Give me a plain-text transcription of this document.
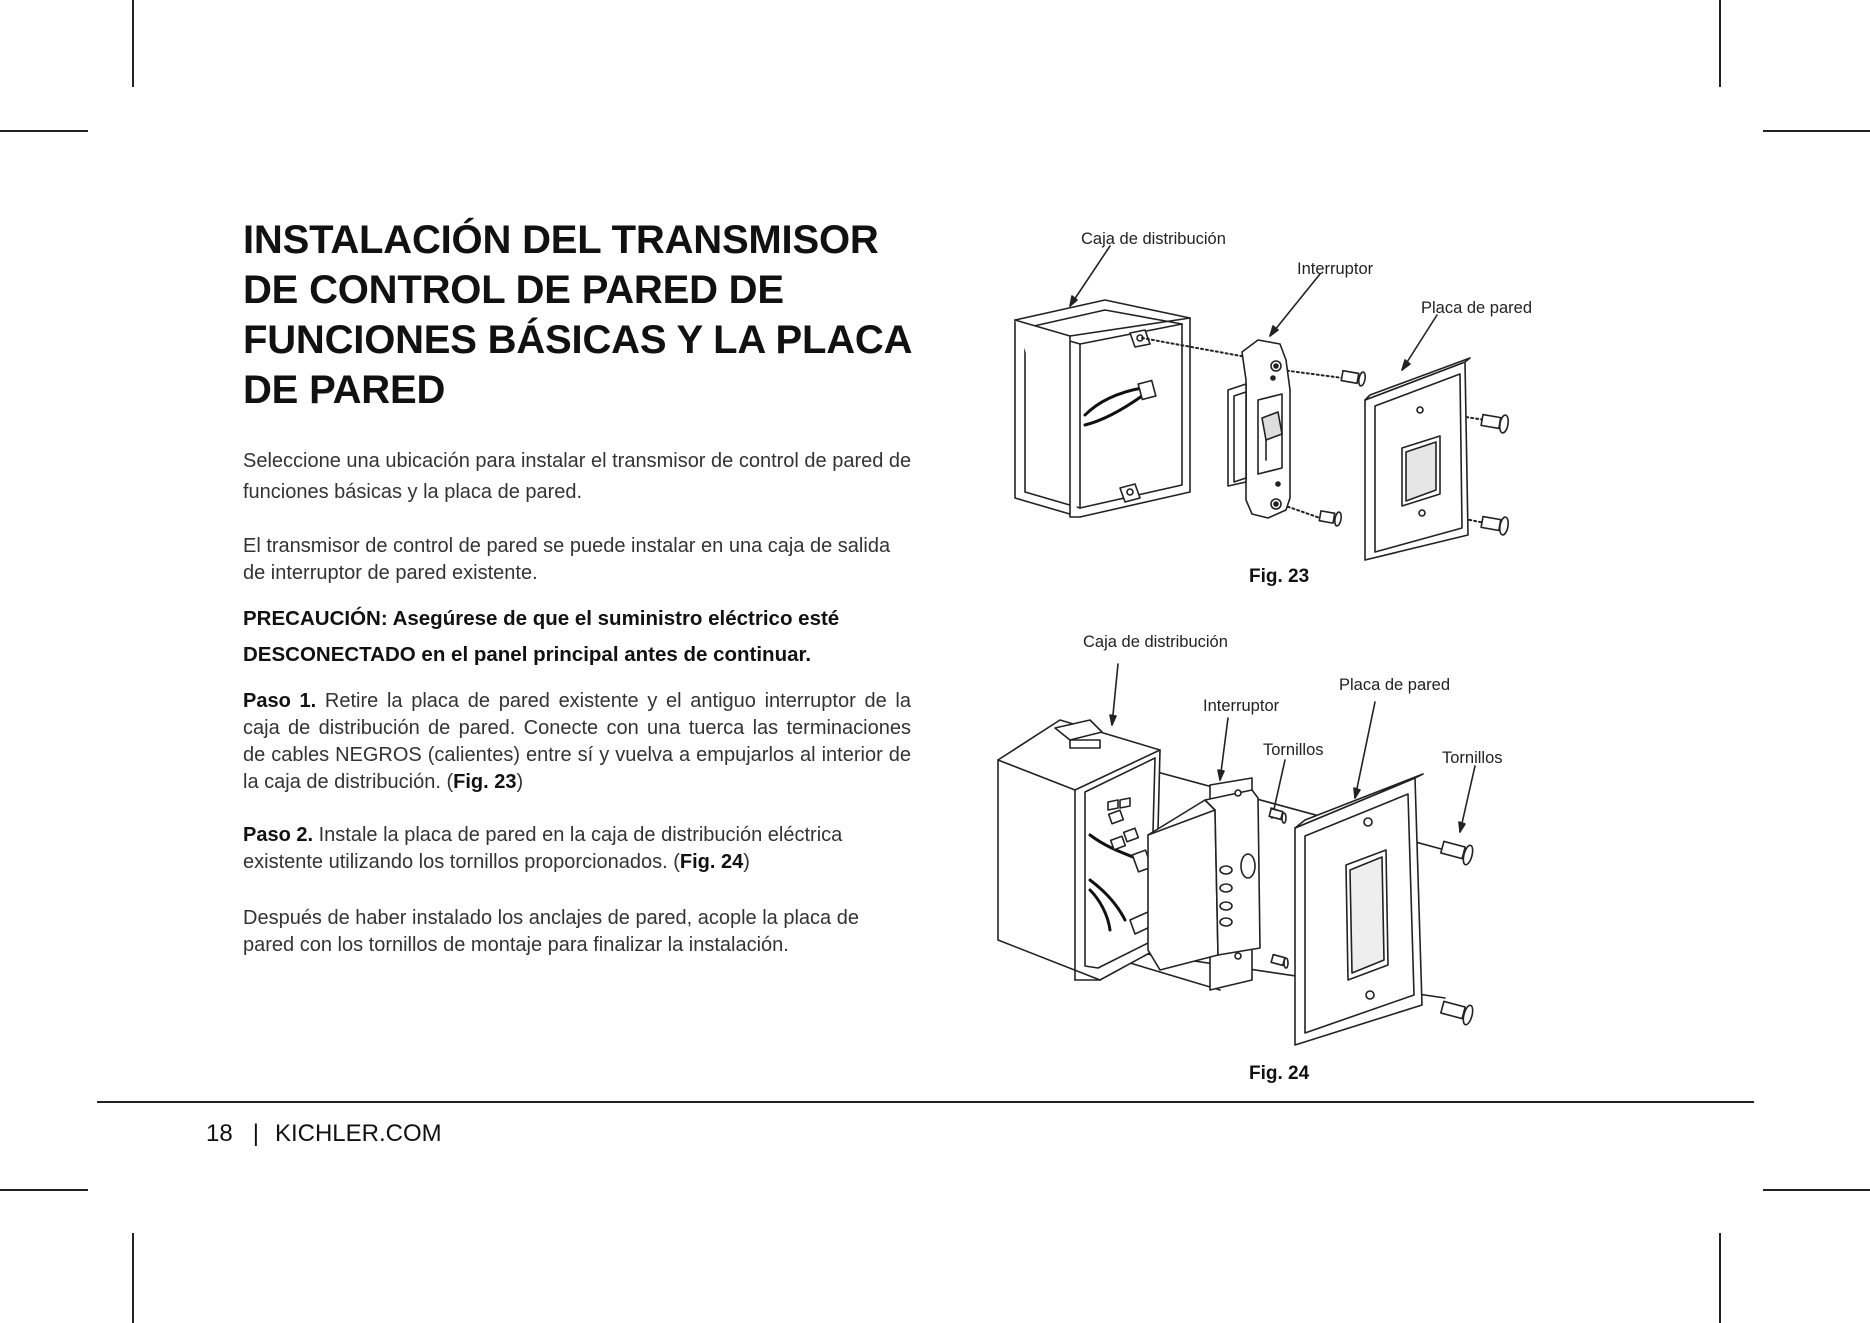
INSTALACIÓN DEL TRANSMISOR DE CONTROL DE PARED DE FUNCIONES BÁSICAS Y LA PLACA DE PARED

Seleccione una ubicación para instalar el transmisor de control de pared de funciones básicas y la placa de pared.

El transmisor de control de pared se puede instalar en una caja de salida de interruptor de pared existente.

PRECAUCIÓN: Asegúrese de que el suministro eléctrico esté
DESCONECTADO en el panel principal antes de continuar.

Paso 1. Retire la placa de pared existente y el antiguo interruptor de la caja de distribución de pared. Conecte con una tuerca las terminaciones de cables NEGROS (calientes) entre sí y vuelva a empujarlos al interior de la caja de distribución. (Fig. 23)

Paso 2. Instale la placa de pared en la caja de distribución eléctrica existente utilizando los tornillos proporcionados. (Fig. 24)

Después de haber instalado los anclajes de pared, acople la placa de pared con los tornillos de montaje para finalizar la instalación.

Caja de distribución
Interruptor
Placa de pared
Fig. 23
Caja de distribución
Interruptor
Tornillos
Placa de pared
Tornillos
Fig. 24
18 | KICHLER.COM
